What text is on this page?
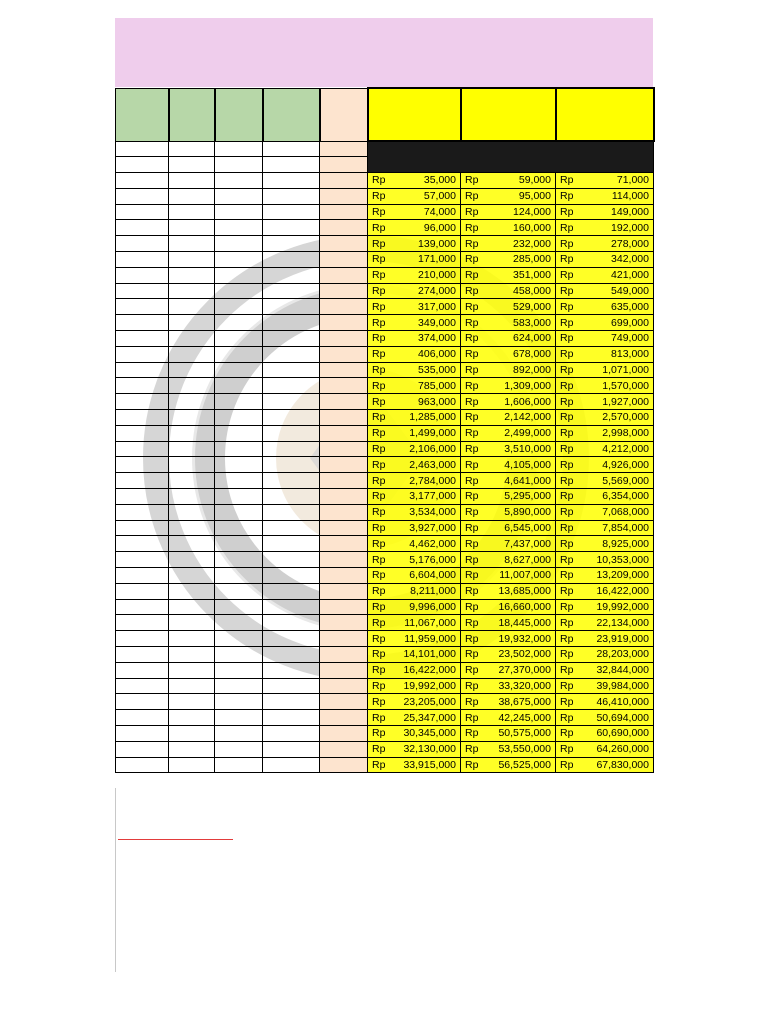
					Rp 35,000	Rp 59,000	Rp 71,000

					Rp 57,000	Rp 95,000	Rp 114,000

					Rp 74,000	Rp 124,000	Rp 149,000

					Rp 96,000	Rp 160,000	Rp 192,000

					Rp 139,000	Rp 232,000	Rp 278,000

					Rp 171,000	Rp 285,000	Rp 342,000

					Rp 210,000	Rp 351,000	Rp 421,000

					Rp 274,000	Rp 458,000	Rp 549,000

					Rp 317,000	Rp 529,000	Rp 635,000

					Rp 349,000	Rp 583,000	Rp 699,000

					Rp 374,000	Rp 624,000	Rp 749,000

					Rp 406,000	Rp 678,000	Rp 813,000

					Rp 535,000	Rp 892,000	Rp 1,071,000

					Rp 785,000	Rp 1,309,000	Rp 1,570,000

					Rp 963,000	Rp 1,606,000	Rp 1,927,000

					Rp 1,285,000	Rp 2,142,000	Rp 2,570,000

					Rp 1,499,000	Rp 2,499,000	Rp 2,998,000

					Rp 2,106,000	Rp 3,510,000	Rp 4,212,000

					Rp 2,463,000	Rp 4,105,000	Rp 4,926,000

					Rp 2,784,000	Rp 4,641,000	Rp 5,569,000

					Rp 3,177,000	Rp 5,295,000	Rp 6,354,000

					Rp 3,534,000	Rp 5,890,000	Rp 7,068,000

					Rp 3,927,000	Rp 6,545,000	Rp 7,854,000

					Rp 4,462,000	Rp 7,437,000	Rp 8,925,000

					Rp 5,176,000	Rp 8,627,000	Rp 10,353,000

					Rp 6,604,000	Rp 11,007,000	Rp 13,209,000

					Rp 8,211,000	Rp 13,685,000	Rp 16,422,000

					Rp 9,996,000	Rp 16,660,000	Rp 19,992,000

					Rp 11,067,000	Rp 18,445,000	Rp 22,134,000

					Rp 11,959,000	Rp 19,932,000	Rp 23,919,000

					Rp 14,101,000	Rp 23,502,000	Rp 28,203,000

					Rp 16,422,000	Rp 27,370,000	Rp 32,844,000

					Rp 19,992,000	Rp 33,320,000	Rp 39,984,000

					Rp 23,205,000	Rp 38,675,000	Rp 46,410,000

					Rp 25,347,000	Rp 42,245,000	Rp 50,694,000

					Rp 30,345,000	Rp 50,575,000	Rp 60,690,000

					Rp 32,130,000	Rp 53,550,000	Rp 64,260,000

					Rp 33,915,000	Rp 56,525,000	Rp 67,830,000
